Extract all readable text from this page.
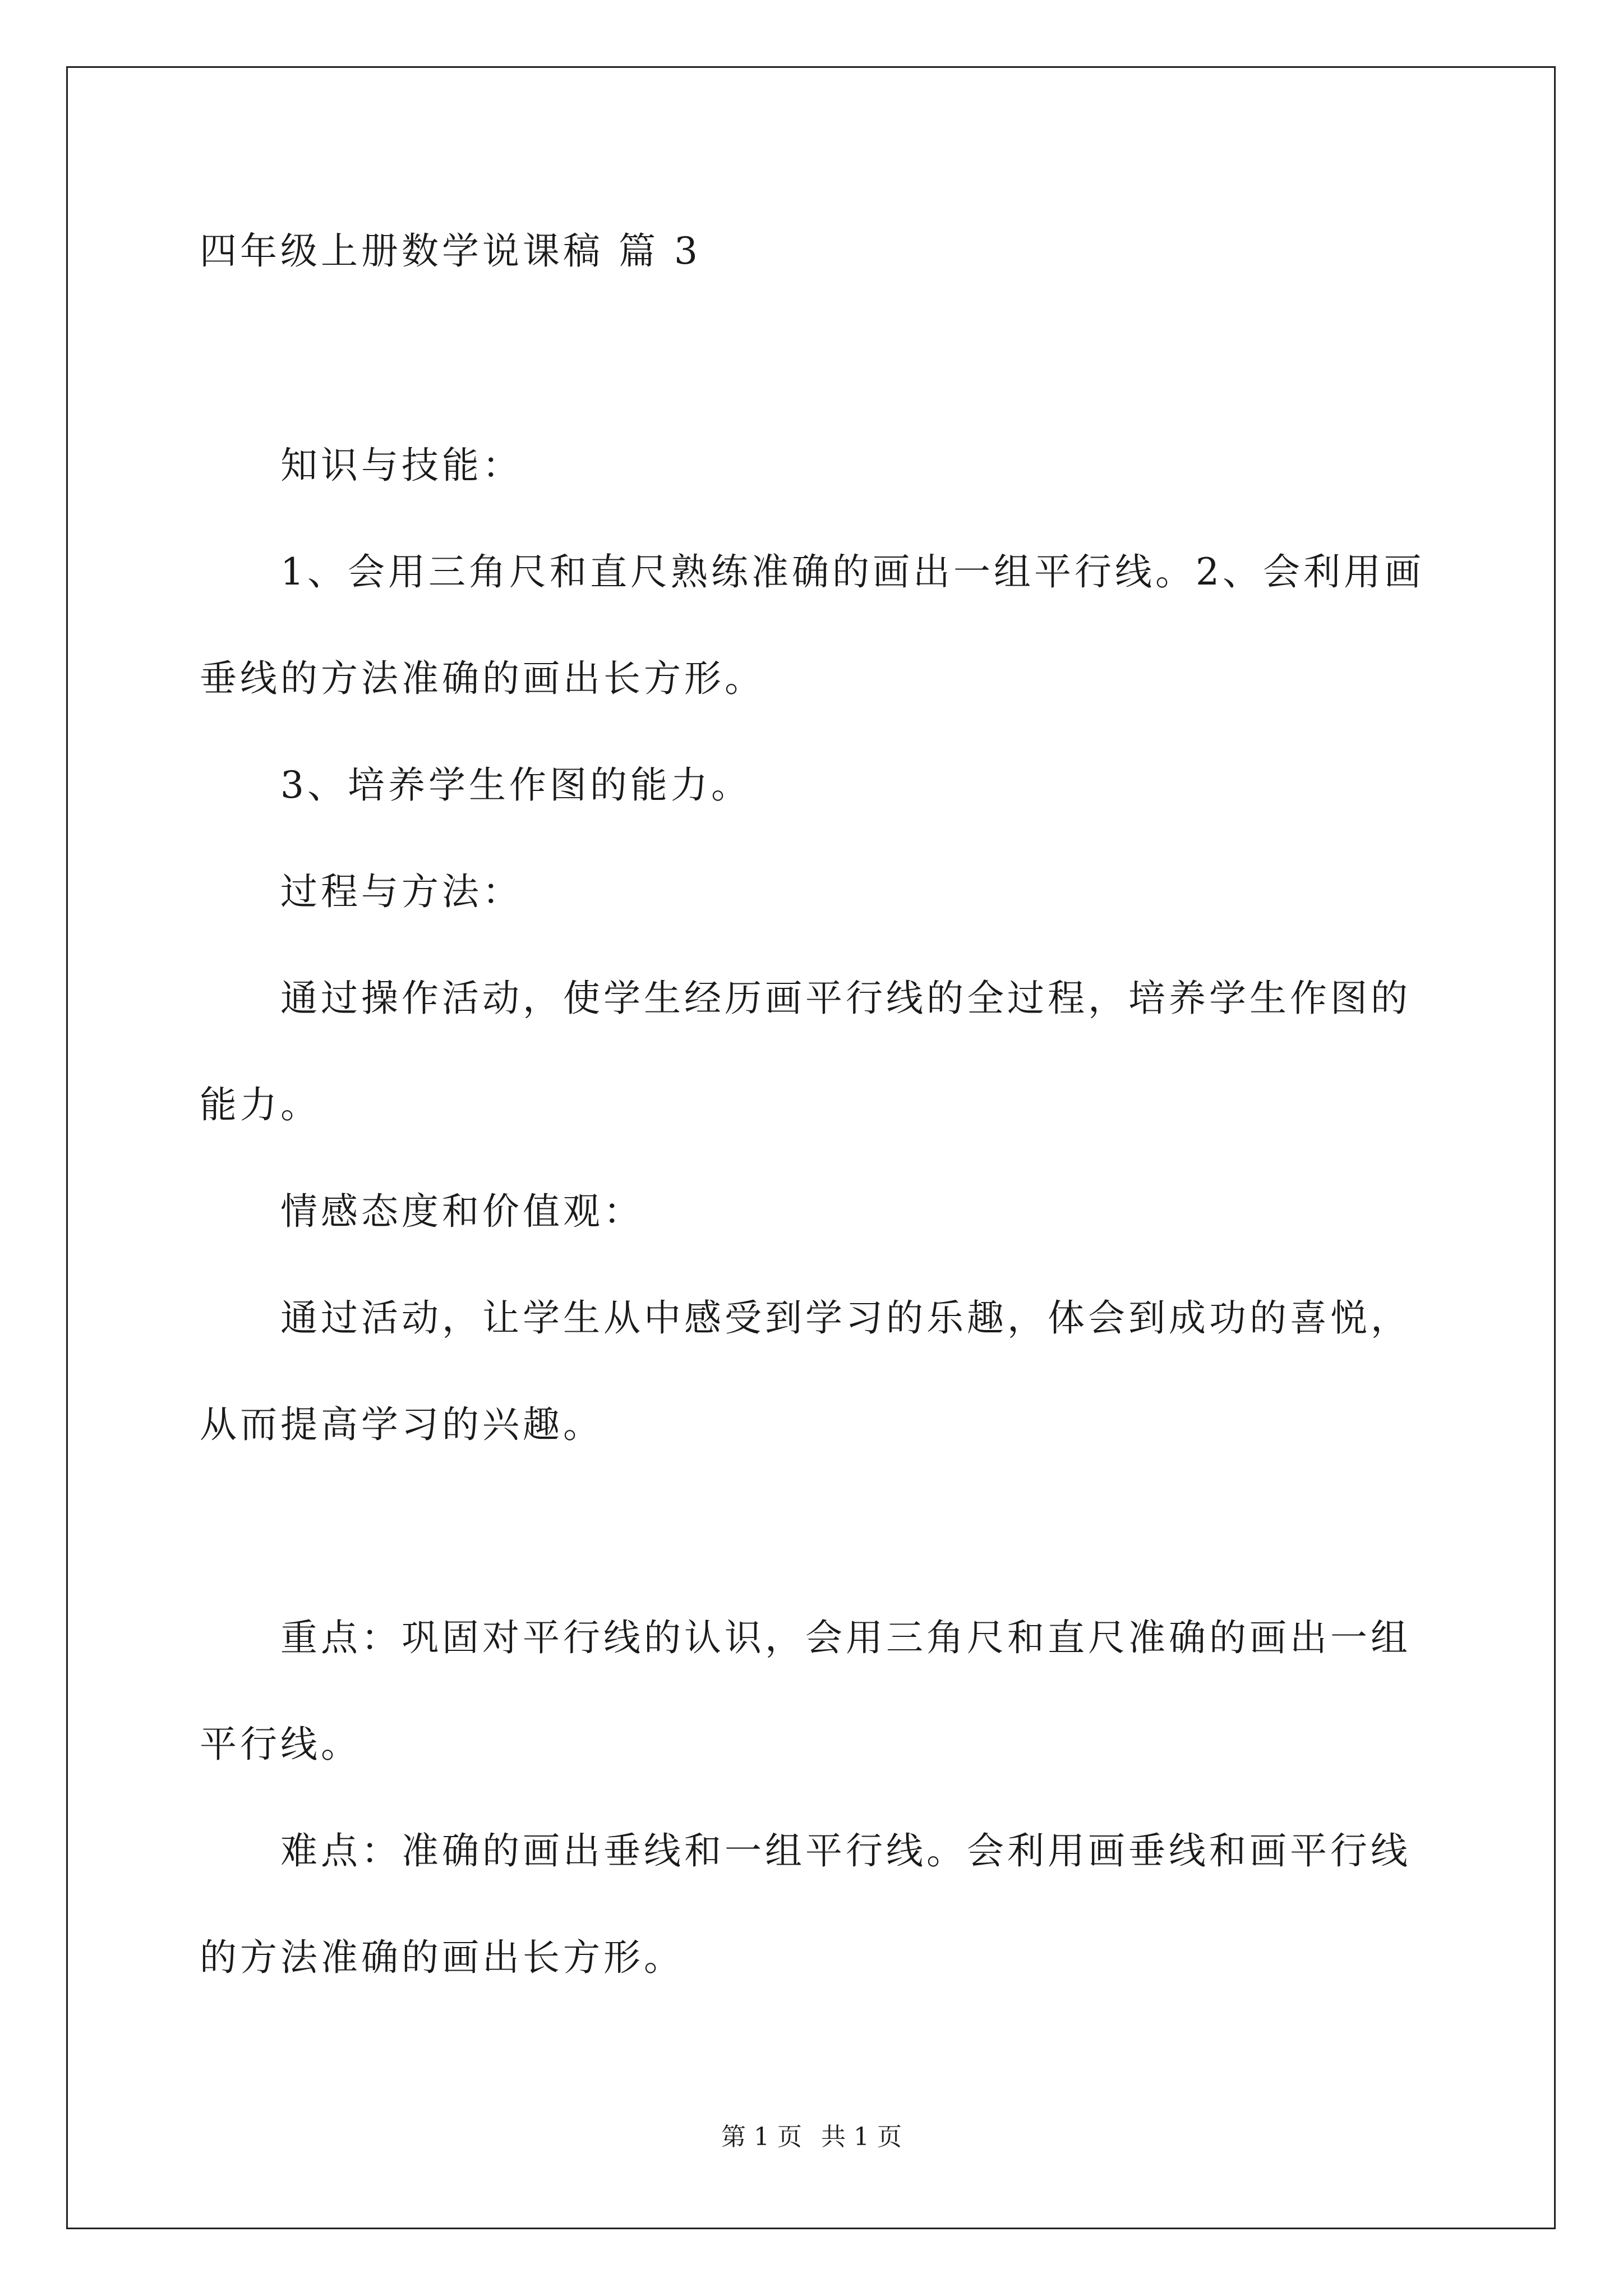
四年级上册数学说课稿 篇 3
知识与技能：
1、会用三角尺和直尺熟练准确的画出一组平行线。2、会利用画
垂线的方法准确的画出长方形。
3、培养学生作图的能力。
过程与方法：
通过操作活动，使学生经历画平行线的全过程，培养学生作图的
能力。
情感态度和价值观：
通过活动，让学生从中感受到学习的乐趣，体会到成功的喜悦，
从而提高学习的兴趣。
重点：巩固对平行线的认识，会用三角尺和直尺准确的画出一组
平行线。
难点：准确的画出垂线和一组平行线。会利用画垂线和画平行线
的方法准确的画出长方形。
第 1 页 共 1 页
